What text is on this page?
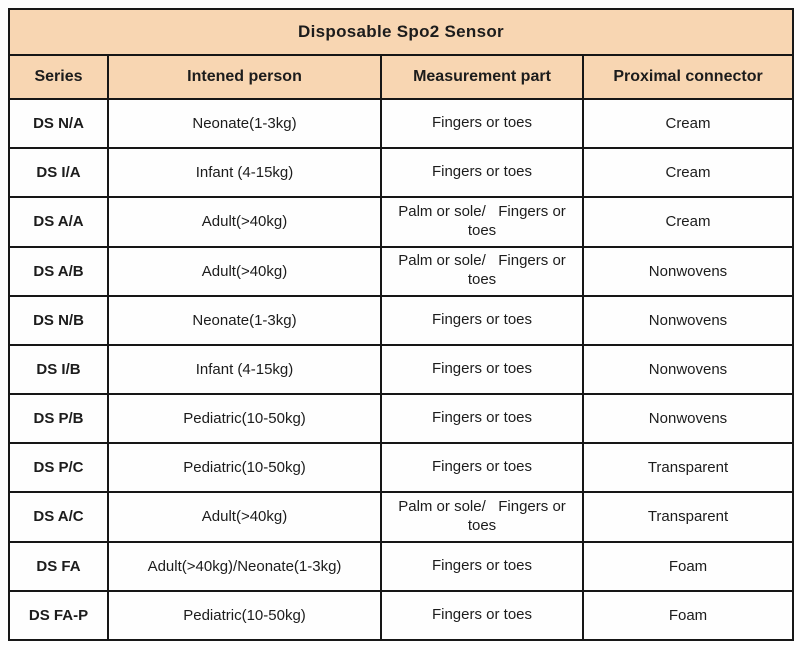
Disposable Spo2 Sensor			
Series	Intened person	Measurement part	Proximal connector
DS N/A	Neonate(1-3kg)	Fingers or toes	Cream
DS I/A	Infant (4-15kg)	Fingers or toes	Cream
DS A/A	Adult(>40kg)	Palm or sole/   Fingers or toes	Cream
DS A/B	Adult(>40kg)	Palm or sole/   Fingers or toes	Nonwovens
DS N/B	Neonate(1-3kg)	Fingers or toes	Nonwovens
DS I/B	Infant (4-15kg)	Fingers or toes	Nonwovens
DS P/B	Pediatric(10-50kg)	Fingers or toes	Nonwovens
DS P/C	Pediatric(10-50kg)	Fingers or toes	Transparent
DS A/C	Adult(>40kg)	Palm or sole/   Fingers or toes	Transparent
DS FA	Adult(>40kg)/Neonate(1-3kg)	Fingers or toes	Foam
DS FA-P	Pediatric(10-50kg)	Fingers or toes	Foam
